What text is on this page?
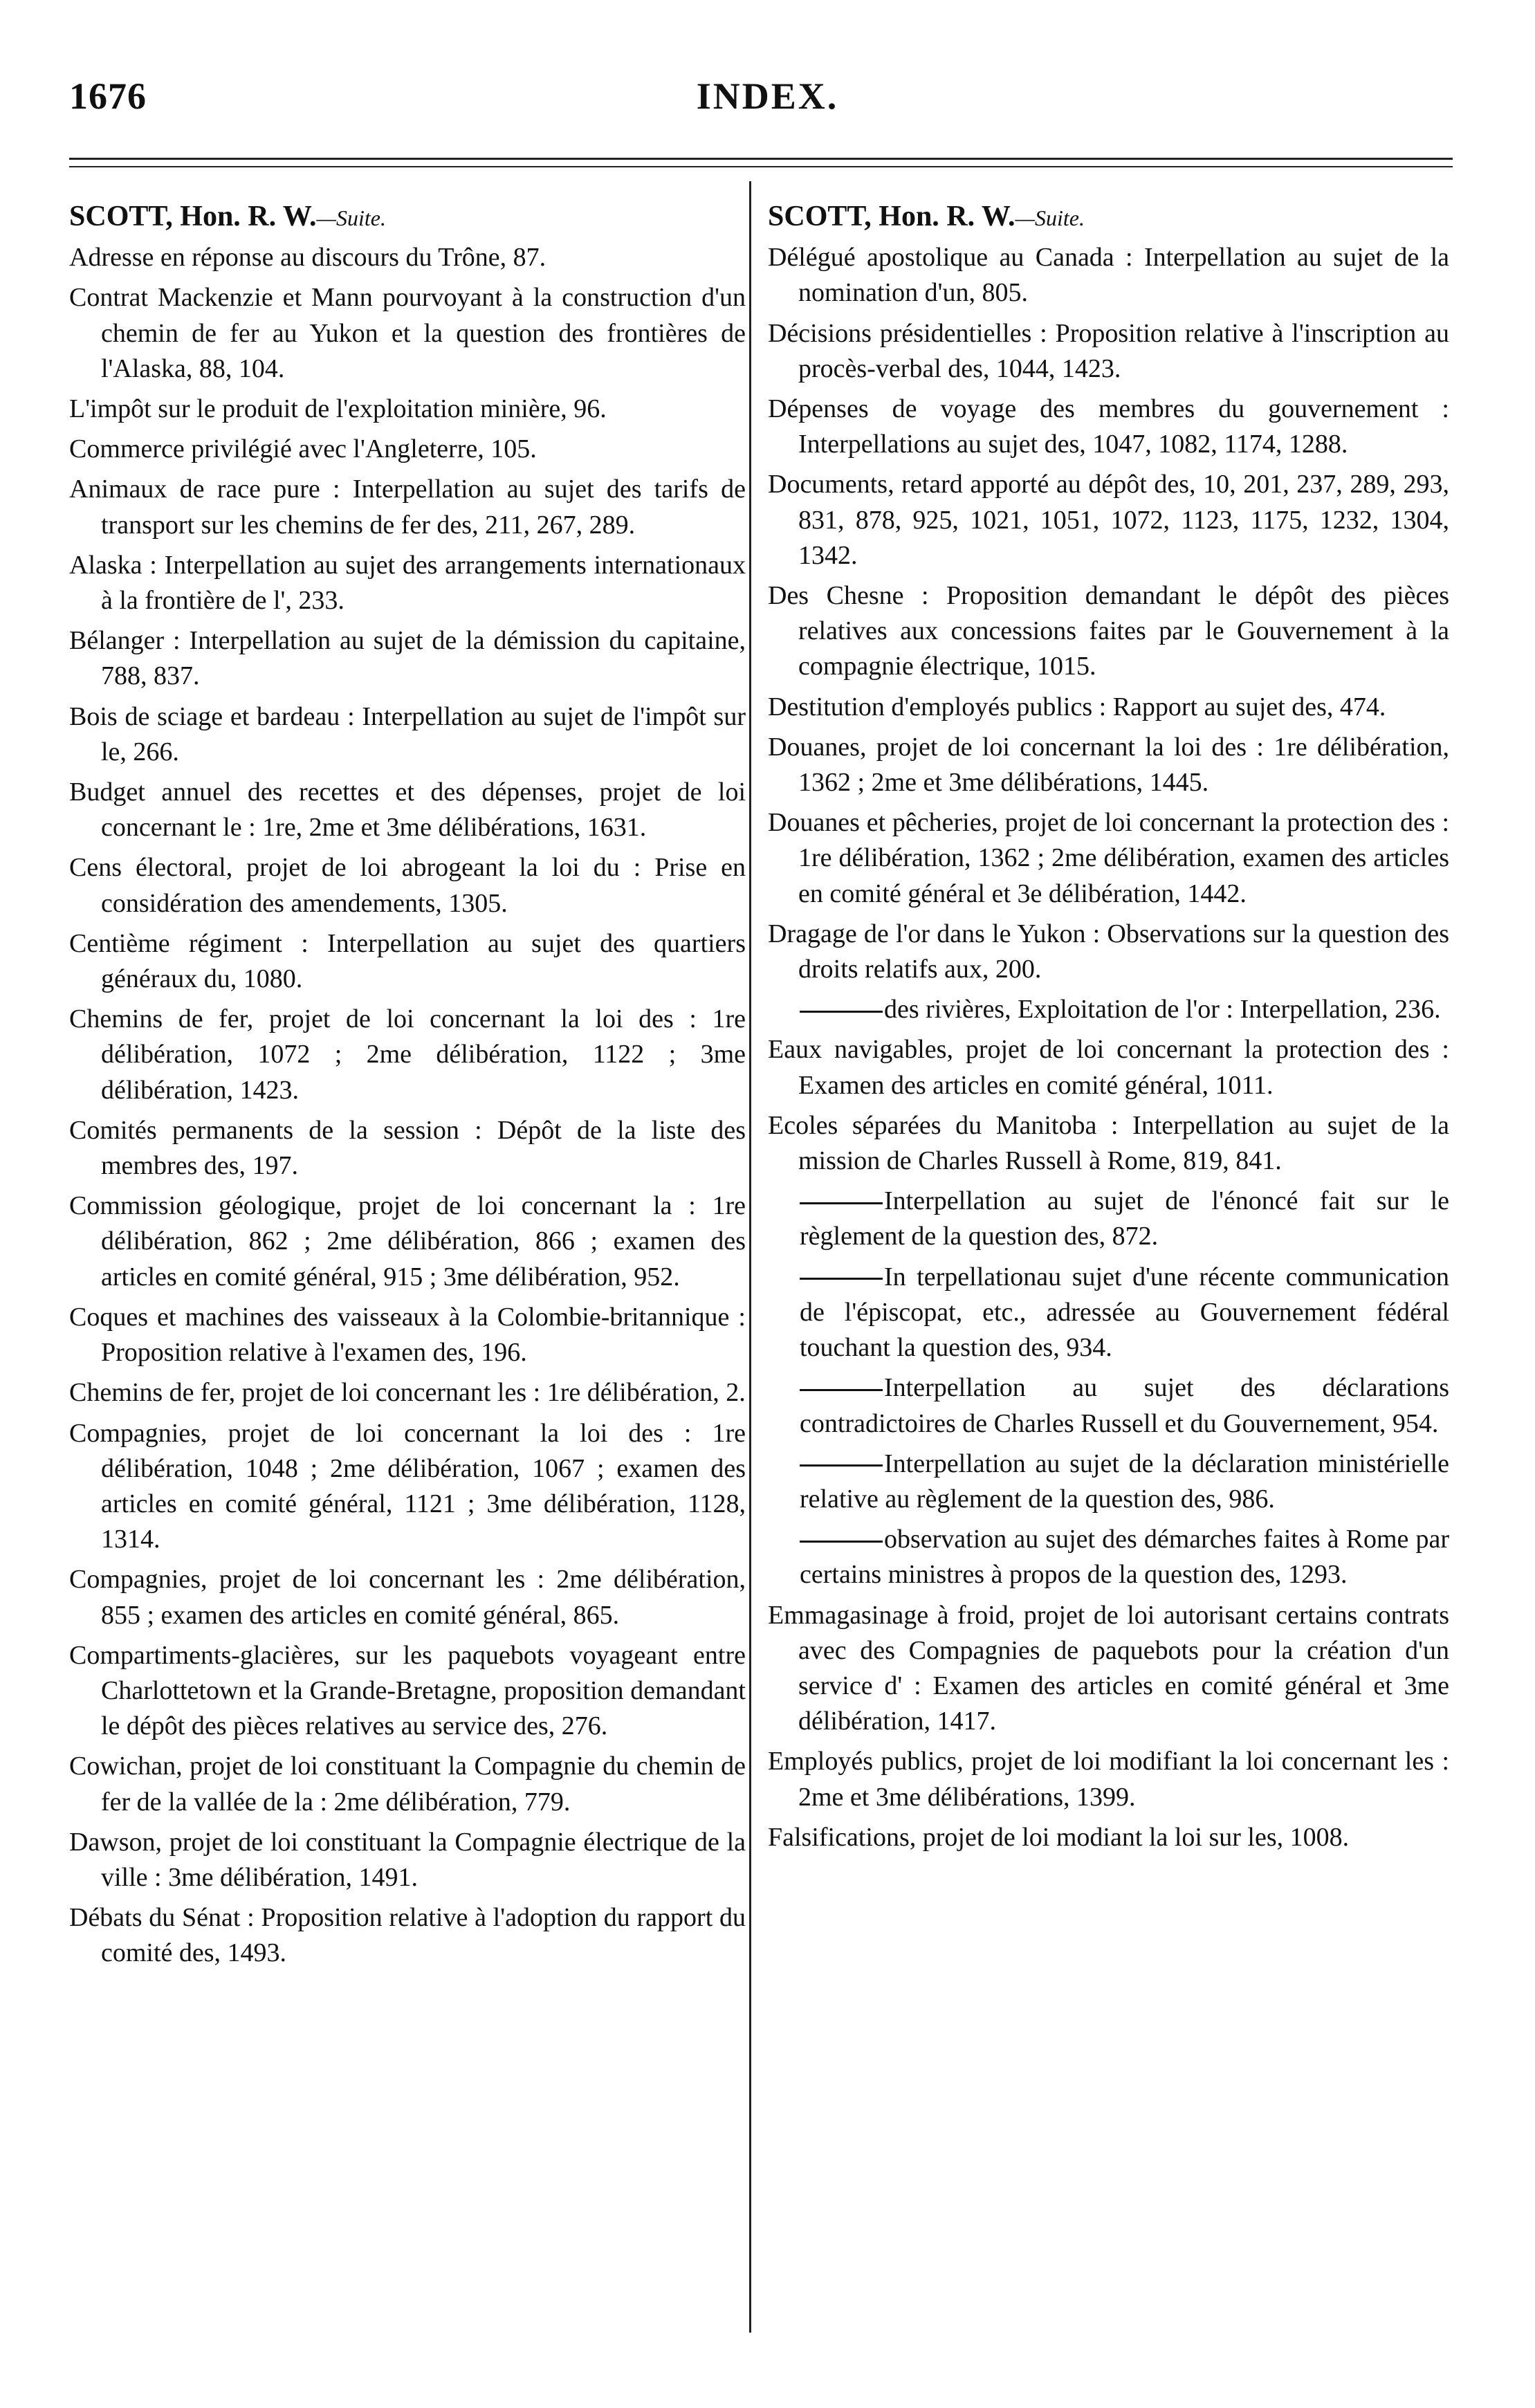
INDEX.
1676
SCOTT, Hon. R. W.—Suite.
Adresse en réponse au discours du Trône, 87.
Contrat Mackenzie et Mann pourvoyant à la construction d'un chemin de fer au Yukon et la question des frontières de l'Alaska, 88, 104.
L'impôt sur le produit de l'exploitation minière, 96.
Commerce privilégié avec l'Angleterre, 105.
Animaux de race pure : Interpellation au sujet des tarifs de transport sur les chemins de fer des, 211, 267, 289.
Alaska : Interpellation au sujet des arrangements internationaux à la frontière de l', 233.
Bélanger : Interpellation au sujet de la démission du capitaine, 788, 837.
Bois de sciage et bardeau : Interpellation au sujet de l'impôt sur le, 266.
Budget annuel des recettes et des dépenses, projet de loi concernant le : 1re, 2me et 3me délibérations, 1631.
Cens électoral, projet de loi abrogeant la loi du : Prise en considération des amendements, 1305.
Centième régiment : Interpellation au sujet des quartiers généraux du, 1080.
Chemins de fer, projet de loi concernant la loi des : 1re délibération, 1072 ; 2me délibération, 1122 ; 3me délibération, 1423.
Comités permanents de la session : Dépôt de la liste des membres des, 197.
Commission géologique, projet de loi concernant la : 1re délibération, 862 ; 2me délibération, 866 ; examen des articles en comité général, 915 ; 3me délibération, 952.
Coques et machines des vaisseaux à la Colombie-britannique : Proposition relative à l'examen des, 196.
Chemins de fer, projet de loi concernant les : 1re délibération, 2.
Compagnies, projet de loi concernant la loi des : 1re délibération, 1048 ; 2me délibération, 1067 ; examen des articles en comité général, 1121 ; 3me délibération, 1128, 1314.
Compagnies, projet de loi concernant les : 2me délibération, 855 ; examen des articles en comité général, 865.
Compartiments-glacières, sur les paquebots voyageant entre Charlottetown et la Grande-Bretagne, proposition demandant le dépôt des pièces relatives au service des, 276.
Cowichan, projet de loi constituant la Compagnie du chemin de fer de la vallée de la : 2me délibération, 779.
Dawson, projet de loi constituant la Compagnie électrique de la ville : 3me délibération, 1491.
Débats du Sénat : Proposition relative à l'adoption du rapport du comité des, 1493.
SCOTT, Hon. R. W.—Suite.
Délégué apostolique au Canada : Interpellation au sujet de la nomination d'un, 805.
Décisions présidentielles : Proposition relative à l'inscription au procès-verbal des, 1044, 1423.
Dépenses de voyage des membres du gouvernement : Interpellations au sujet des, 1047, 1082, 1174, 1288.
Documents, retard apporté au dépôt des, 10, 201, 237, 289, 293, 831, 878, 925, 1021, 1051, 1072, 1123, 1175, 1232, 1304, 1342.
Des Chesne : Proposition demandant le dépôt des pièces relatives aux concessions faites par le Gouvernement à la compagnie électrique, 1015.
Destitution d'employés publics : Rapport au sujet des, 474.
Douanes, projet de loi concernant la loi des : 1re délibération, 1362 ; 2me et 3me délibérations, 1445.
Douanes et pêcheries, projet de loi concernant la protection des : 1re délibération, 1362 ; 2me délibération, examen des articles en comité général et 3e délibération, 1442.
Dragage de l'or dans le Yukon : Observations sur la question des droits relatifs aux, 200.
des rivières, Exploitation de l'or : Interpellation, 236.
Eaux navigables, projet de loi concernant la protection des : Examen des articles en comité général, 1011.
Ecoles séparées du Manitoba : Interpellation au sujet de la mission de Charles Russell à Rome, 819, 841.
Interpellation au sujet de l'énoncé fait sur le règlement de la question des, 872.
In terpellationau sujet d'une récente communication de l'épiscopat, etc., adressée au Gouvernement fédéral touchant la question des, 934.
Interpellation au sujet des déclarations contradictoires de Charles Russell et du Gouvernement, 954.
Interpellation au sujet de la déclaration ministérielle relative au règlement de la question des, 986.
observation au sujet des démarches faites à Rome par certains ministres à propos de la question des, 1293.
Emmagasinage à froid, projet de loi autorisant certains contrats avec des Compagnies de paquebots pour la création d'un service d' : Examen des articles en comité général et 3me délibération, 1417.
Employés publics, projet de loi modifiant la loi concernant les : 2me et 3me délibérations, 1399.
Falsifications, projet de loi modiant la loi sur les, 1008.
